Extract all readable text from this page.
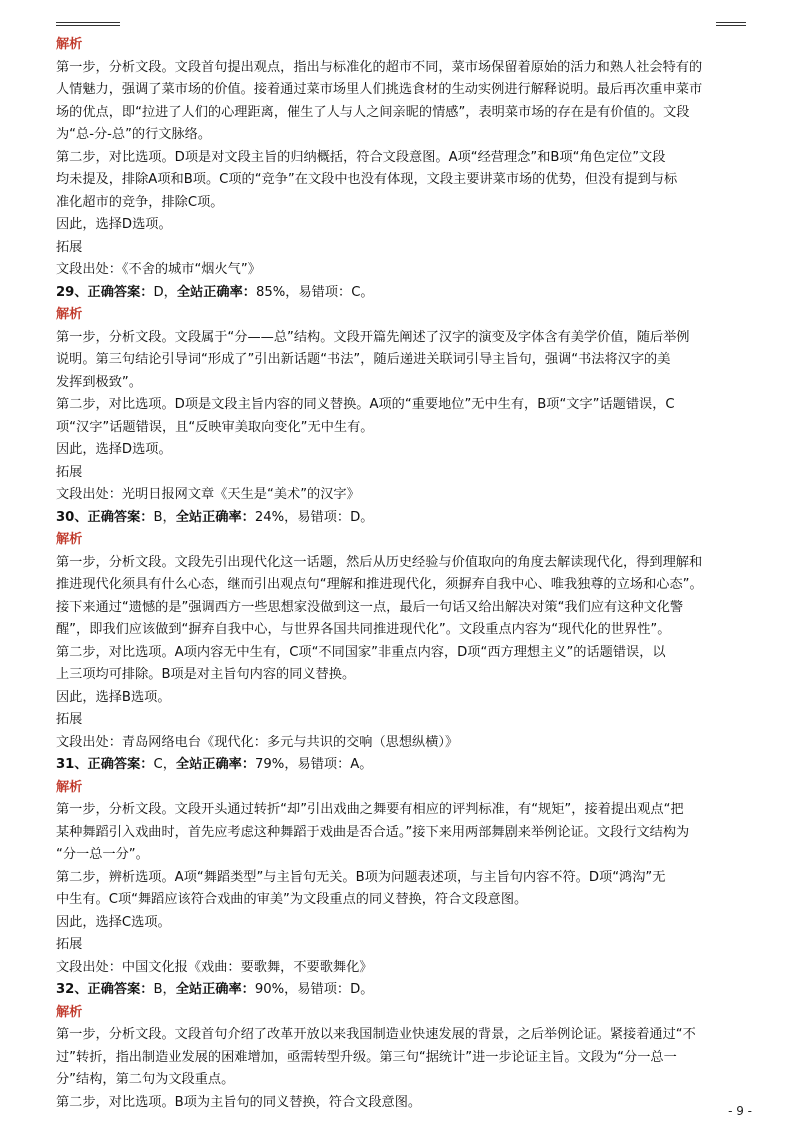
解析

第一步，分析文段。文段首句提出观点，指出与标准化的超市不同，菜市场保留着原始的活力和熟人社会特有的

人情魅力，强调了菜市场的价值。接着通过菜市场里人们挑选食材的生动实例进行解释说明。最后再次重申菜市

场的优点，即“拉进了人们的心理距离，催生了人与人之间亲昵的情感”，表明菜市场的存在是有价值的。文段

为“总-分-总”的行文脉络。

第二步，对比选项。D项是对文段主旨的归纳概括，符合文段意图。A项“经营理念”和B项“角色定位”文段

均未提及，排除A项和B项。C项的“竞争”在文段中也没有体现，文段主要讲菜市场的优势，但没有提到与标

准化超市的竞争，排除C项。

因此，选择D选项。

拓展

文段出处：《不舍的城市“烟火气”》

29、正确答案：D，全站正确率：85%，易错项：C。

解析

第一步，分析文段。文段属于“分——总”结构。文段开篇先阐述了汉字的演变及字体含有美学价值，随后举例

说明。第三句结论引导词“形成了”引出新话题“书法”，随后递进关联词引导主旨句，强调“书法将汉字的美

发挥到极致”。

第二步，对比选项。D项是文段主旨内容的同义替换。A项的“重要地位”无中生有，B项“文字”话题错误，C

项“汉字”话题错误，且“反映审美取向变化”无中生有。

因此，选择D选项。

拓展

文段出处：光明日报网文章《天生是“美术”的汉字》

30、正确答案：B，全站正确率：24%，易错项：D。

解析

第一步，分析文段。文段先引出现代化这一话题，然后从历史经验与价值取向的角度去解读现代化，得到理解和

推进现代化须具有什么心态，继而引出观点句“理解和推进现代化，须摒弃自我中心、唯我独尊的立场和心态”。

接下来通过“遗憾的是”强调西方一些思想家没做到这一点，最后一句话又给出解决对策“我们应有这种文化警

醒”，即我们应该做到“摒弃自我中心，与世界各国共同推进现代化”。文段重点内容为“现代化的世界性”。

第二步，对比选项。A项内容无中生有，C项“不同国家”非重点内容，D项“西方理想主义”的话题错误，以

上三项均可排除。B项是对主旨句内容的同义替换。

因此，选择B选项。

拓展

文段出处：青岛网络电台《现代化：多元与共识的交响（思想纵横）》

31、正确答案：C，全站正确率：79%，易错项：A。

解析

第一步，分析文段。文段开头通过转折“却”引出戏曲之舞要有相应的评判标准，有“规矩”，接着提出观点“把

某种舞蹈引入戏曲时，首先应考虑这种舞蹈于戏曲是否合适。”接下来用两部舞剧来举例论证。文段行文结构为

“分一总一分”。

第二步，辨析选项。A项“舞蹈类型”与主旨句无关。B项为问题表述项，与主旨句内容不符。D项“鸿沟”无

中生有。C项“舞蹈应该符合戏曲的审美”为文段重点的同义替换，符合文段意图。

因此，选择C选项。

拓展

文段出处：中国文化报《戏曲：要歌舞，不要歌舞化》

32、正确答案：B，全站正确率：90%，易错项：D。

解析

第一步，分析文段。文段首句介绍了改革开放以来我国制造业快速发展的背景，之后举例论证。紧接着通过“不

过”转折，指出制造业发展的困难增加，亟需转型升级。第三句“据统计”进一步论证主旨。文段为“分一总一

分”结构，第二句为文段重点。

第二步，对比选项。B项为主旨句的同义替换，符合文段意图。

- 9 -
